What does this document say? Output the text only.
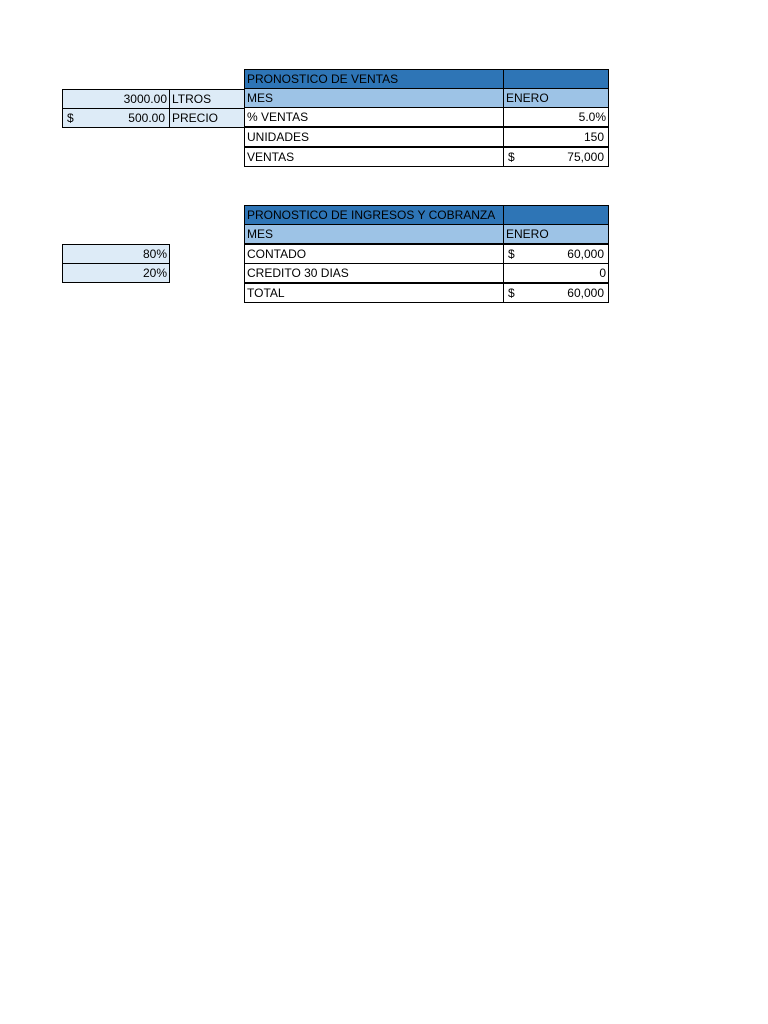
3000.00 LTROS
$	500.00 PRECIO
80%
20%
PRONOSTICO DE VENTAS
MES	ENERO
% VENTAS	5.0%
UNIDADES	150
VENTAS	$	75,000
PRONOSTICO DE INGRESOS Y COBRANZA
MES	ENERO
CONTADO	$	60,000
CREDITO 30 DIAS	0
TOTAL	$	60,000
